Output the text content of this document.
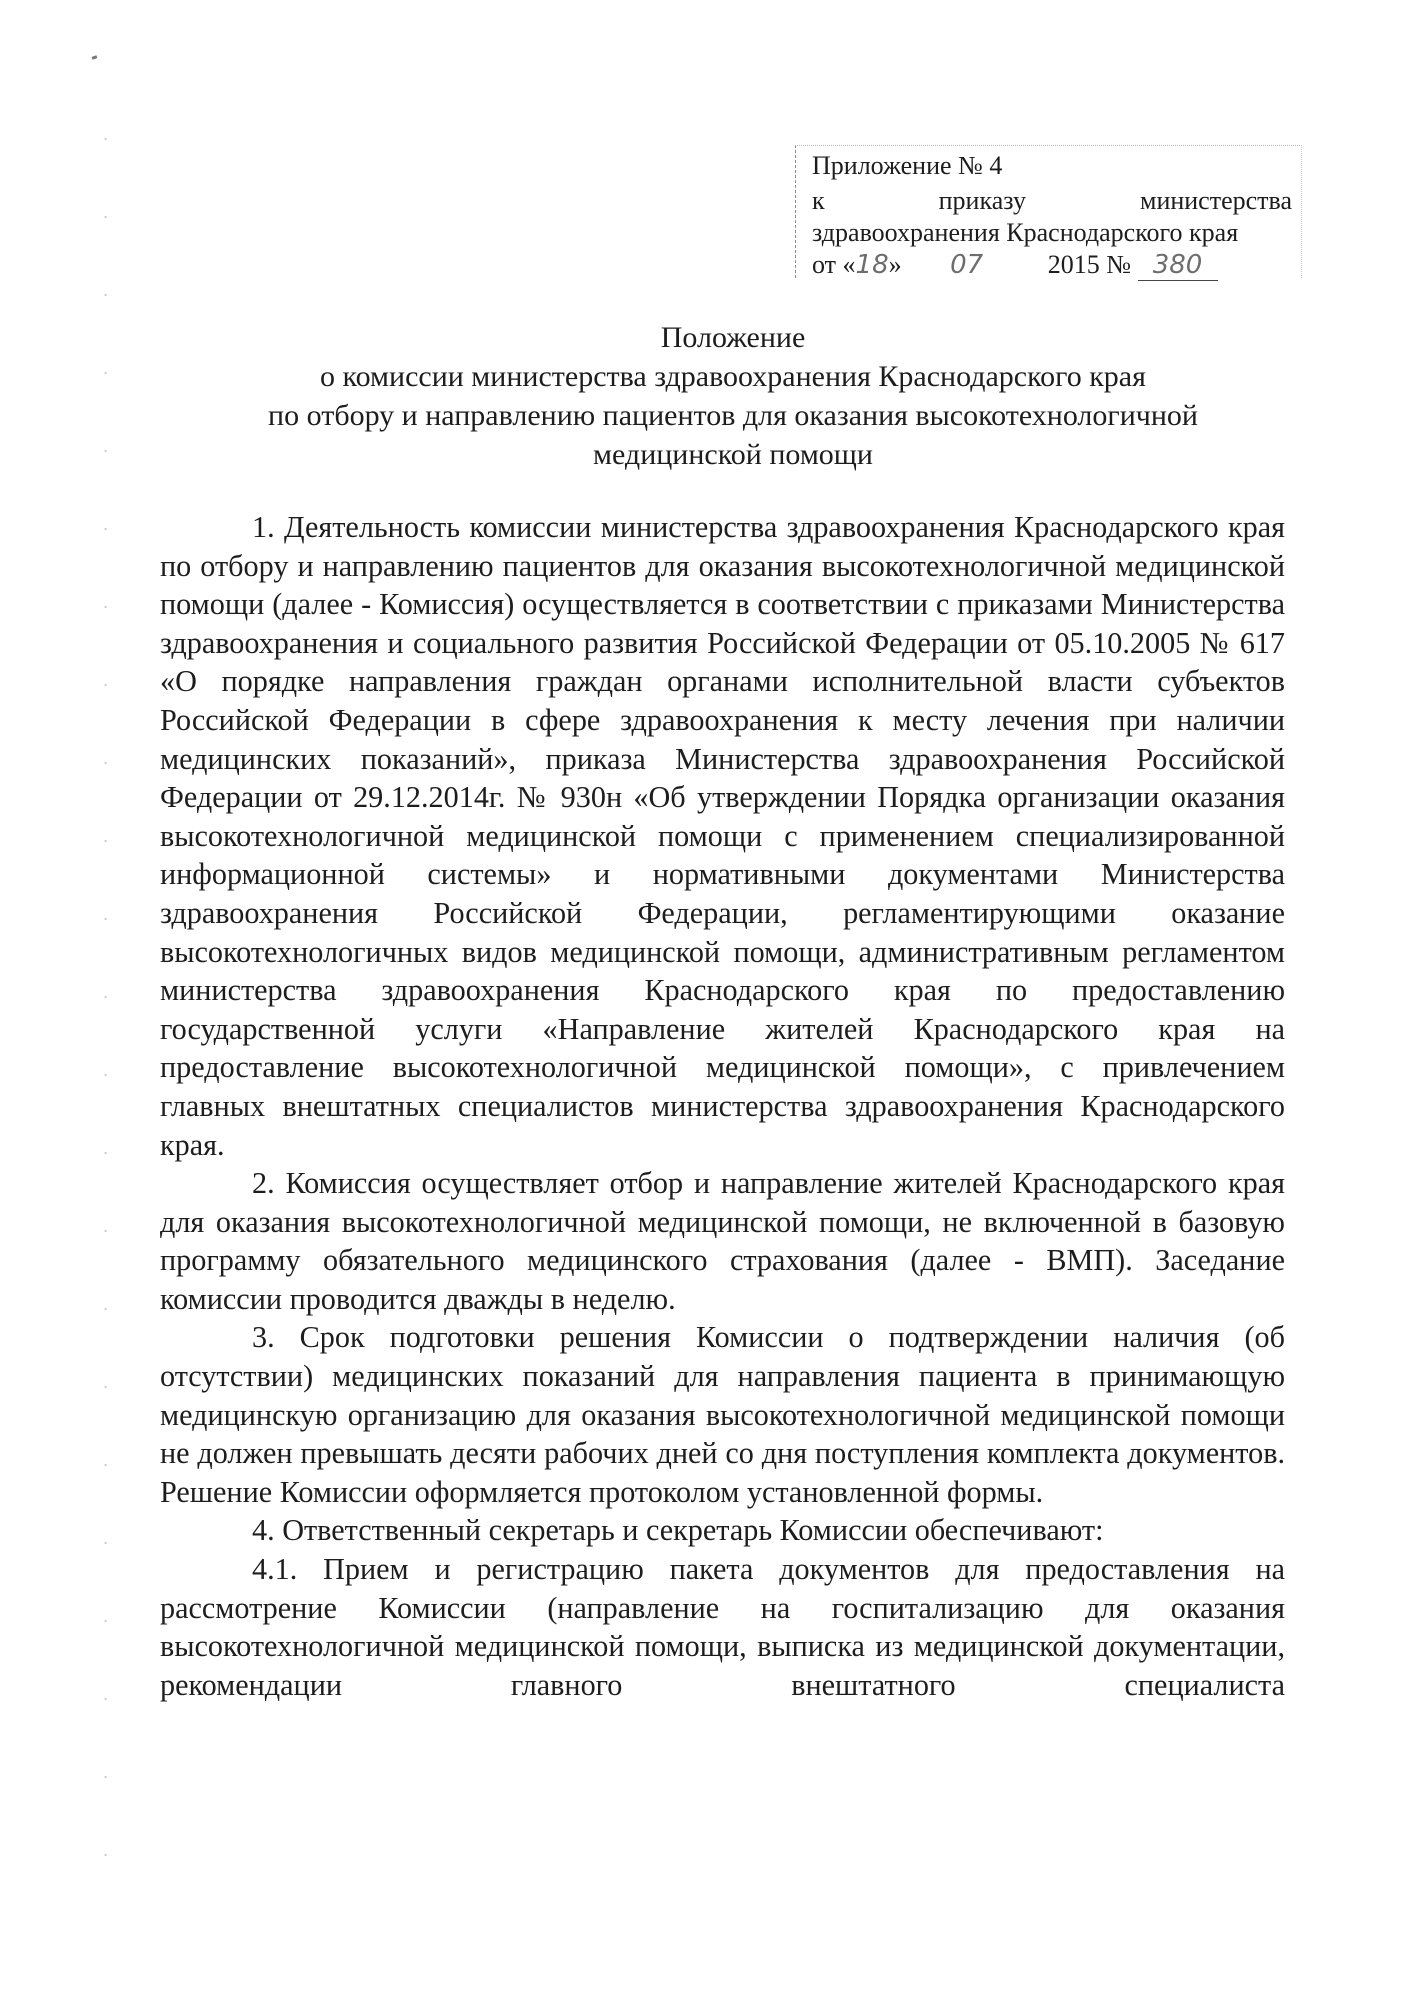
Приложение № 4
к	приказу	министерства
здравоохранения Краснодарского края
от «18» 07 2015 № 380
Положение
о комиссии министерства здравоохранения Краснодарского края
по отбору и направлению пациентов для оказания высокотехнологичной
медицинской помощи

1. Деятельность комиссии министерства здравоохранения Краснодарского края по отбору и направлению пациентов для оказания высокотехнологичной медицинской помощи (далее - Комиссия) осуществляется в соответствии с приказами Министерства здравоохранения и социального развития Российской Федерации от 05.10.2005 № 617 «О порядке направления граждан органами исполнительной власти субъектов Российской Федерации в сфере здравоохранения к месту лечения при наличии медицинских показаний», приказа Министерства здравоохранения Российской Федерации от 29.12.2014г. № 930н «Об утверждении Порядка организации оказания высокотехнологичной медицинской помощи с применением специализированной информационной системы» и нормативными документами Министерства здравоохранения Российской Федерации, регламентирующими оказание высокотехнологичных видов медицинской помощи, административным регламентом министерства здравоохранения Краснодарского края по предоставлению государственной услуги «Направление жителей Краснодарского края на предоставление высокотехнологичной медицинской помощи», с привлечением главных внештатных специалистов министерства здравоохранения Краснодарского края.

2. Комиссия осуществляет отбор и направление жителей Краснодарского края для оказания высокотехнологичной медицинской помощи, не включенной в базовую программу обязательного медицинского страхования (далее - ВМП). Заседание комиссии проводится дважды в неделю.

3. Срок подготовки решения Комиссии о подтверждении наличия (об отсутствии) медицинских показаний для направления пациента в принимающую медицинскую организацию для оказания высокотехнологичной медицинской помощи не должен превышать десяти рабочих дней со дня поступления комплекта документов. Решение Комиссии оформляется протоколом установленной формы.

4. Ответственный секретарь и секретарь Комиссии обеспечивают:

4.1. Прием и регистрацию пакета документов для предоставления на рассмотрение Комиссии (направление на госпитализацию для оказания высокотехнологичной медицинской помощи, выписка из медицинской документации, рекомендации главного внештатного специалиста
